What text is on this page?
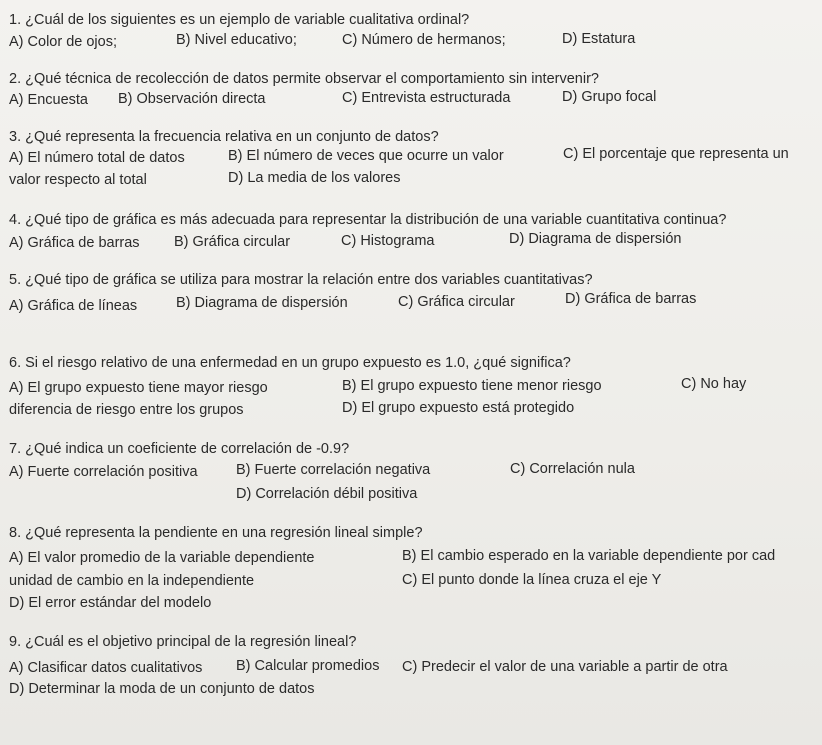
1. ¿Cuál de los siguientes es un ejemplo de variable cualitativa ordinal?
A) Color de ojos;	B) Nivel educativo;	C) Número de hermanos;	D) Estatura
2. ¿Qué técnica de recolección de datos permite observar el comportamiento sin intervenir?
A) Encuesta B) Observación directa	C) Entrevista estructurada	D) Grupo focal
3. ¿Qué representa la frecuencia relativa en un conjunto de datos?
A) El número total de datos	B) El número de veces que ocurre un valor	C) El porcentaje que representa un
valor respecto al total	D) La media de los valores
4. ¿Qué tipo de gráfica es más adecuada para representar la distribución de una variable cuantitativa continua?
A) Gráfica de barras B) Gráfica circular	C) Histograma	D) Diagrama de dispersión
5. ¿Qué tipo de gráfica se utiliza para mostrar la relación entre dos variables cuantitativas?
A) Gráfica de líneas	B) Diagrama de dispersión	C) Gráfica circular	D) Gráfica de barras
6. Si el riesgo relativo de una enfermedad en un grupo expuesto es 1.0, ¿qué significa?
A) El grupo expuesto tiene mayor riesgo	B) El grupo expuesto tiene menor riesgo	C) No hay
diferencia de riesgo entre los grupos	D) El grupo expuesto está protegido
7. ¿Qué indica un coeficiente de correlación de -0.9?
A) Fuerte correlación positiva	B) Fuerte correlación negativa	C) Correlación nula
D) Correlación débil positiva
8. ¿Qué representa la pendiente en una regresión lineal simple?
A) El valor promedio de la variable dependiente	B) El cambio esperado en la variable dependiente por cad
unidad de cambio en la independiente	C) El punto donde la línea cruza el eje Y
D) El error estándar del modelo
9. ¿Cuál es el objetivo principal de la regresión lineal?
A) Clasificar datos cualitativos B) Calcular promedios C) Predecir el valor de una variable a partir de otra
D) Determinar la moda de un conjunto de datos
